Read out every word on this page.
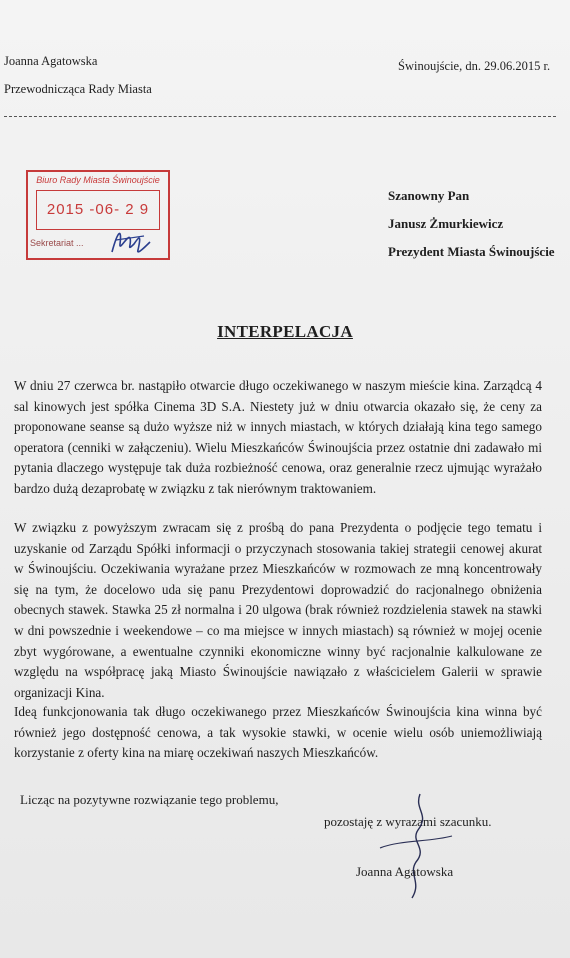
Joanna Agatowska
Przewodnicząca Rady Miasta
Świnoujście, dn. 29.06.2015 r.
Biuro Rady Miasta Świnoujście
2015 -06- 2 9
Sekretariat ...
Szanowny Pan
Janusz Żmurkiewicz
Prezydent Miasta Świnoujście
INTERPELACJA
W dniu 27 czerwca br. nastąpiło otwarcie długo oczekiwanego w naszym mieście kina. Zarządcą 4 sal kinowych jest spółka Cinema 3D S.A. Niestety już w dniu otwarcia okazało się, że ceny za proponowane seanse są dużo wyższe niż w innych miastach, w których działają kina tego samego operatora (cenniki w załączeniu). Wielu Mieszkańców Świnoujścia przez ostatnie dni zadawało mi pytania dlaczego występuje tak duża rozbieżność cenowa, oraz generalnie rzecz ujmując wyrażało bardzo dużą dezaprobatę w związku z tak nierównym traktowaniem.
W związku z powyższym zwracam się z prośbą do pana Prezydenta o podjęcie tego tematu i uzyskanie od Zarządu Spółki informacji o przyczynach stosowania takiej strategii cenowej akurat w Świnoujściu. Oczekiwania wyrażane przez Mieszkańców w rozmowach ze mną koncentrowały się na tym, że docelowo uda się panu Prezydentowi doprowadzić do racjonalnego obniżenia obecnych stawek. Stawka 25 zł normalna i 20 ulgowa (brak również rozdzielenia stawek na stawki w dni powszednie i weekendowe – co ma miejsce w innych miastach) są również w mojej ocenie zbyt wygórowane, a ewentualne czynniki ekonomiczne winny być racjonalnie kalkulowane ze względu na współpracę jaką Miasto Świnoujście nawiązało z właścicielem Galerii w sprawie organizacji Kina.
Ideą funkcjonowania tak długo oczekiwanego przez Mieszkańców Świnoujścia kina winna być również jego dostępność cenowa, a tak wysokie stawki, w ocenie wielu osób uniemożliwiają korzystanie z oferty kina na miarę oczekiwań naszych Mieszkańców.
Licząc na pozytywne rozwiązanie tego problemu,
pozostaję z wyrazami szacunku.
Joanna Agatowska
